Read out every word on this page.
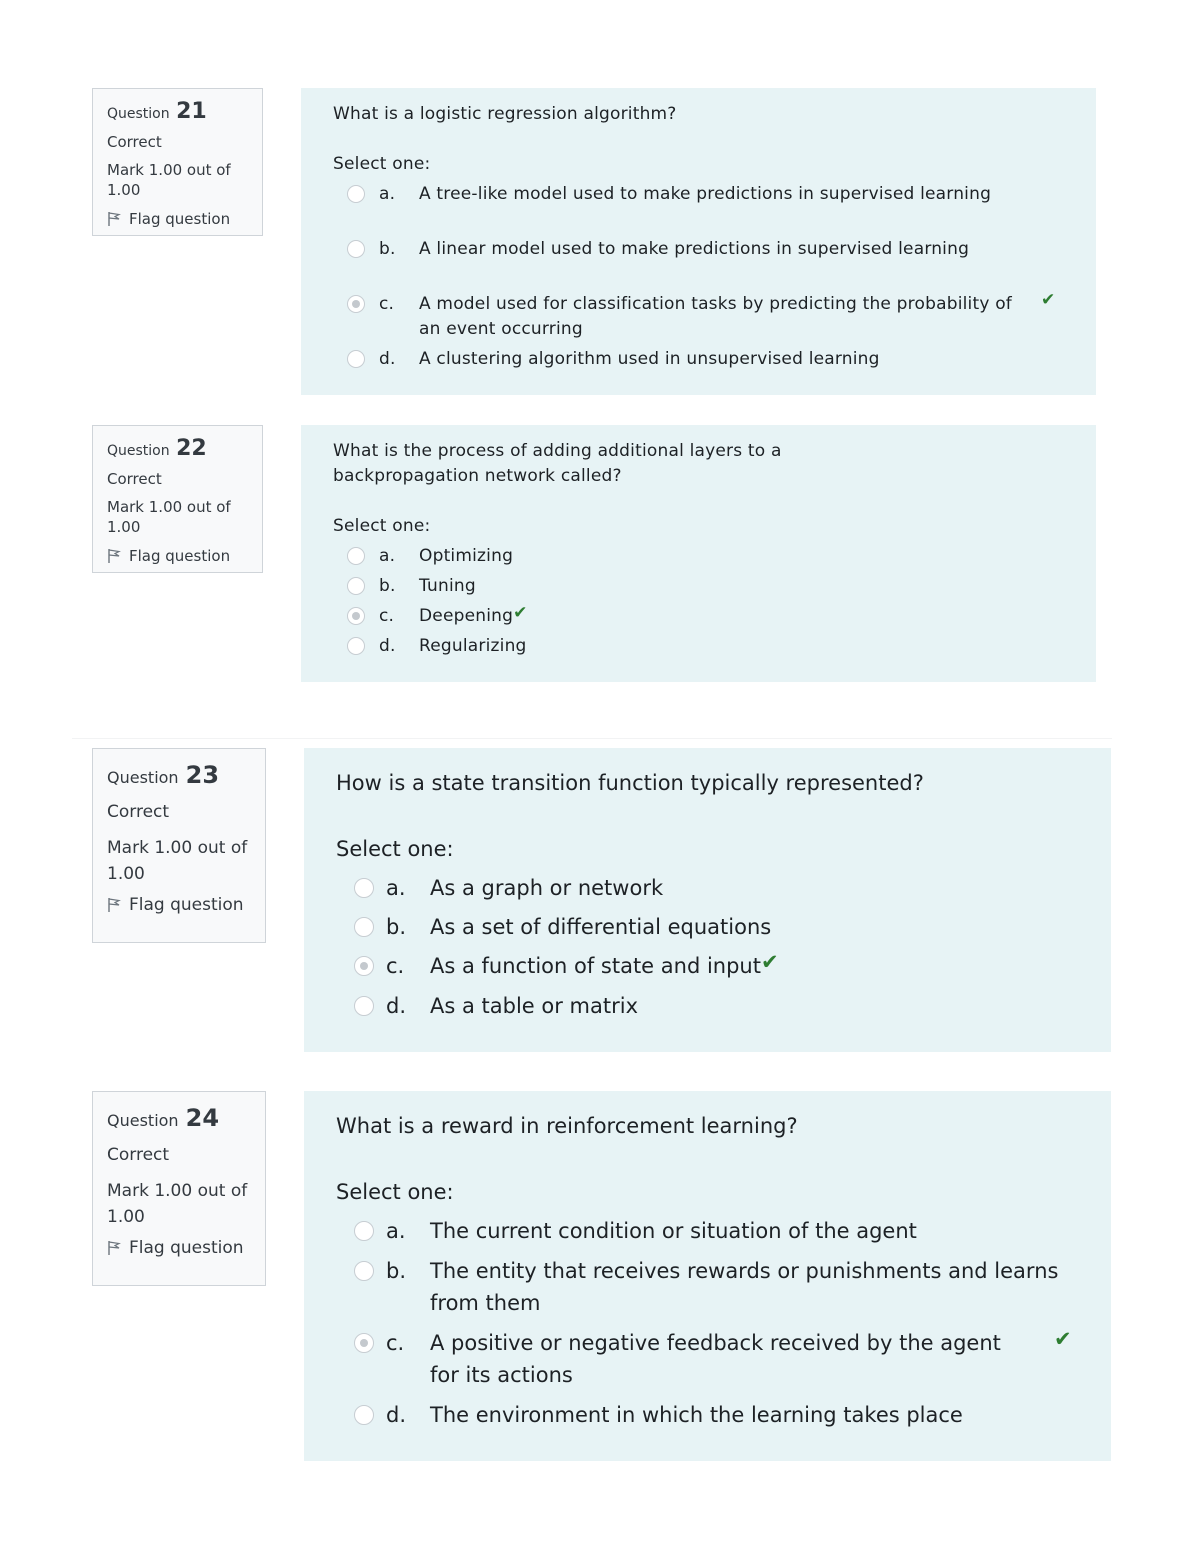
Question 21
Correct
Mark 1.00 out of 1.00
Flag question
What is a logistic regression algorithm?
Select one:
a.	A tree-like model used to make predictions in supervised learning
b.	A linear model used to make predictions in supervised learning
c.	A model used for classification tasks by predicting the probability of an event occurring
✔
d.	A clustering algorithm used in unsupervised learning
Question 22
Correct
Mark 1.00 out of 1.00
Flag question
What is the process of adding additional layers to a backpropagation network called?
Select one:
a.	Optimizing
b.	Tuning
c.	Deepening ✔
d.	Regularizing
Question 23
Correct
Mark 1.00 out of 1.00
Flag question
How is a state transition function typically represented?
Select one:
a.	As a graph or network
b.	As a set of differential equations
c.	As a function of state and input ✔
d.	As a table or matrix
Question 24
Correct
Mark 1.00 out of 1.00
Flag question
What is a reward in reinforcement learning?
Select one:
a.	The current condition or situation of the agent
b.	The entity that receives rewards or punishments and learns from them
c.	A positive or negative feedback received by the agent for its actions
✔
d.	The environment in which the learning takes place
